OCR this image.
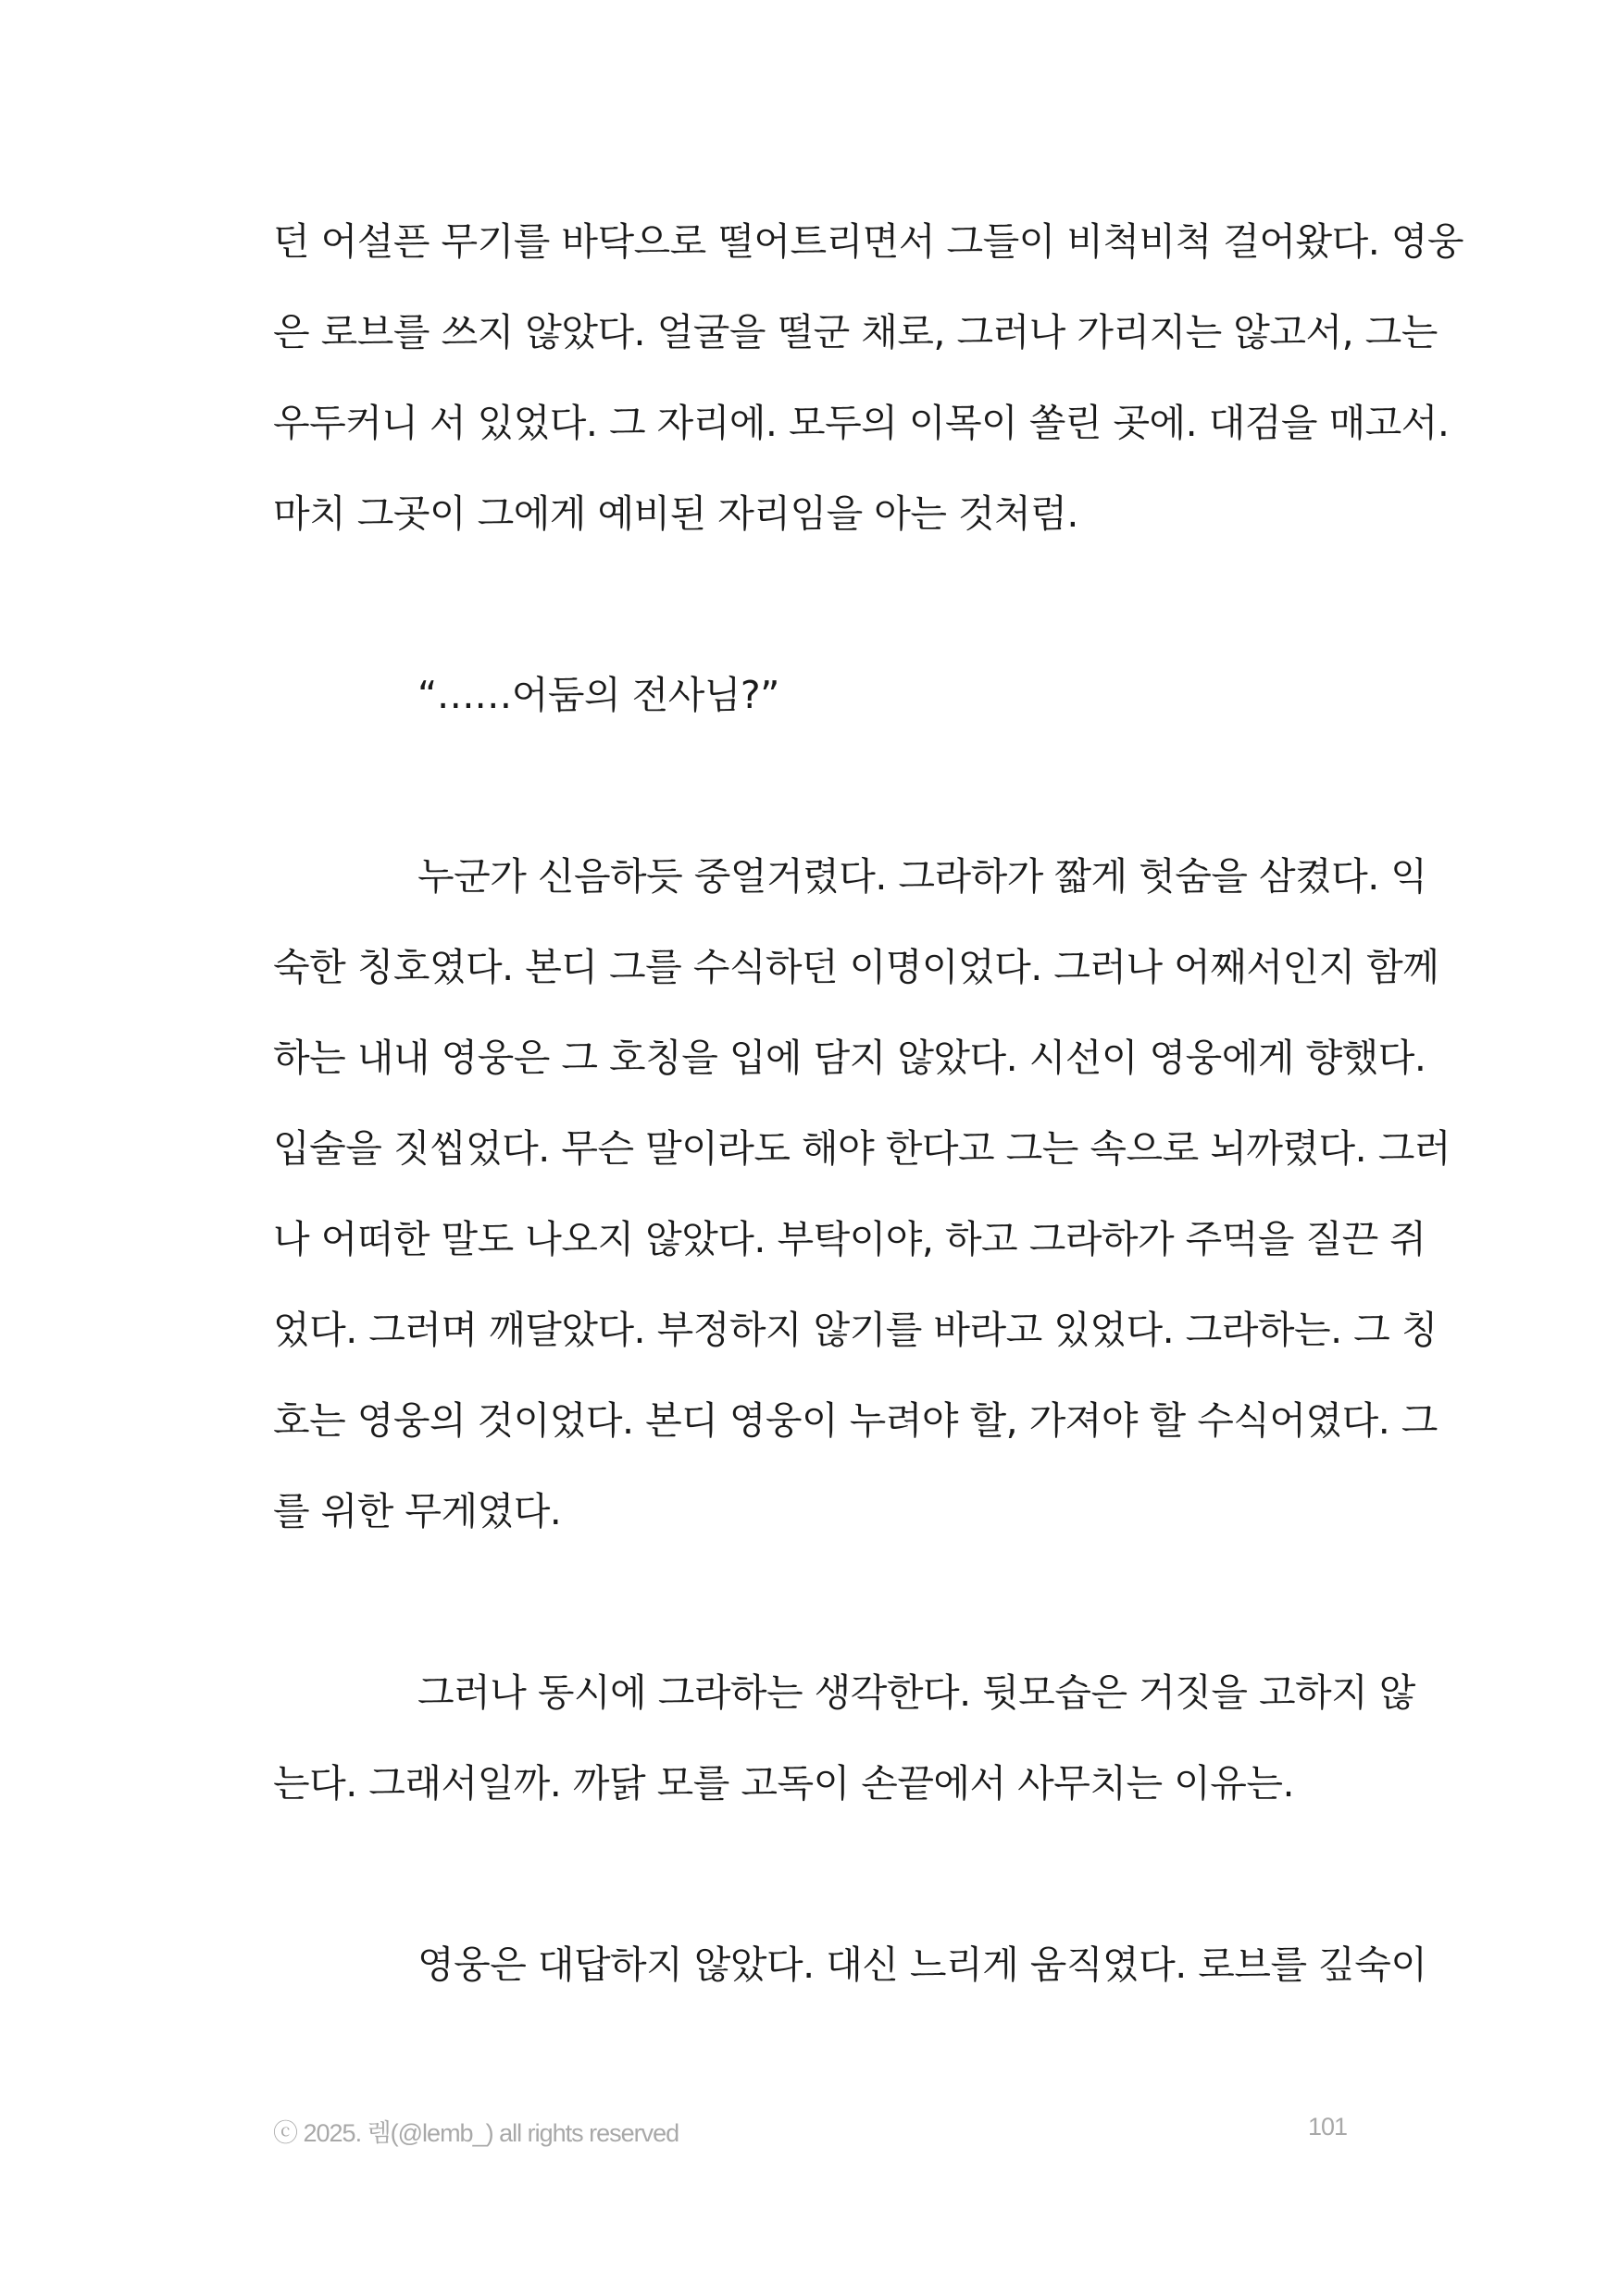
던 어설픈 무기를 바닥으로 떨어트리면서 그들이 비척비척 걸어왔다. 영웅
은 로브를 쓰지 않았다. 얼굴을 떨군 채로, 그러나 가리지는 않고서, 그는
우두커니 서 있었다. 그 자리에. 모두의 이목이 쏠린 곳에. 대검을 매고서.
마치 그곳이 그에게 예비된 자리임을 아는 것처럼.
“……어둠의 전사님?”
누군가 신음하듯 중얼거렸다. 그라하가 짧게 헛숨을 삼켰다. 익
숙한 칭호였다. 본디 그를 수식하던 이명이었다. 그러나 어째서인지 함께
하는 내내 영웅은 그 호칭을 입에 담지 않았다. 시선이 영웅에게 향했다.
입술을 짓씹었다. 무슨 말이라도 해야 한다고 그는 속으로 뇌까렸다. 그러
나 어떠한 말도 나오지 않았다. 부탁이야, 하고 그라하가 주먹을 질끈 쥐
었다. 그러며 깨달았다. 부정하지 않기를 바라고 있었다. 그라하는. 그 칭
호는 영웅의 것이었다. 본디 영웅이 누려야 할, 가져야 할 수식어였다. 그
를 위한 무게였다.
그러나 동시에 그라하는 생각한다. 뒷모습은 거짓을 고하지 않
는다. 그래서일까. 까닭 모를 고독이 손끝에서 사무치는 이유는.
영웅은 대답하지 않았다. 대신 느리게 움직였다. 로브를 깊숙이
ⓒ 2025. 렘(@lemb_) all rights reserved	101
